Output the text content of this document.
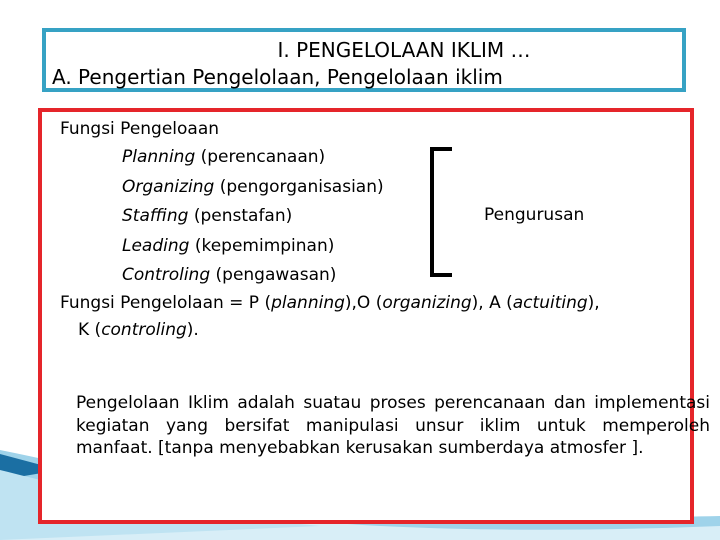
I. PENGELOLAAN IKLIM …
A. Pengertian Pengelolaan, Pengelolaan iklim
Fungsi Pengeloaan
Planning (perencanaan)
Organizing (pengorganisasian)
Staffing (penstafan)
Leading (kepemimpinan)
Controling (pengawasan)
Pengurusan
Fungsi Pengelolaan = P (planning),O (organizing), A (actuiting),
K (controling).
Pengelolaan Iklim adalah suatau proses perencanaan dan implementasi kegiatan yang bersifat manipulasi unsur iklim untuk memperoleh manfaat. [tanpa menyebabkan kerusakan sumberdaya atmosfer ].
